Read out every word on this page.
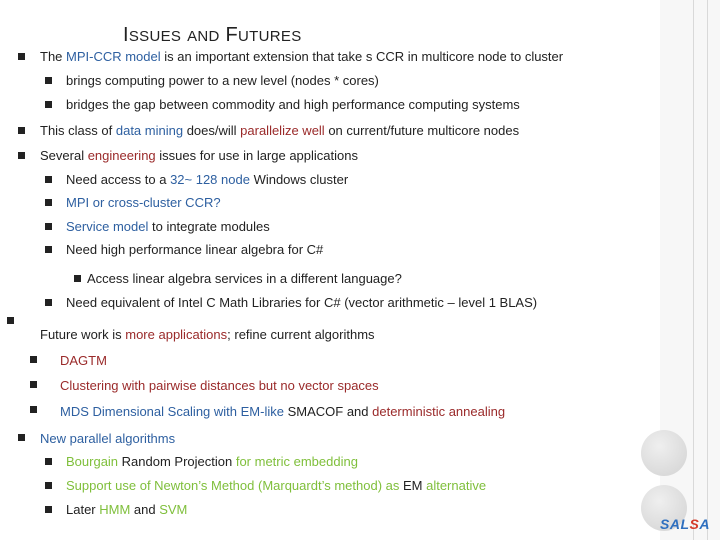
ISSUES AND FUTURES
The MPI-CCR model is an important extension that take s CCR in multicore node to cluster
brings computing power to a new level (nodes * cores)
bridges the gap between commodity and high performance computing systems
This class of data mining does/will parallelize well on current/future multicore nodes
Several engineering issues for use in large applications
Need access to a 32~ 128 node Windows cluster
MPI or cross-cluster CCR?
Service model to integrate modules
Need high performance linear algebra for C#
Access linear algebra services in a different language?
Need equivalent of Intel C Math Libraries for C# (vector arithmetic – level 1 BLAS)
Future work is more applications; refine current algorithms
DAGTM
Clustering with pairwise distances but no vector spaces
MDS Dimensional Scaling with EM-like SMACOF and deterministic annealing
New parallel algorithms
Bourgain Random Projection for metric embedding
Support use of Newton’s Method (Marquardt’s method) as EM alternative
Later HMM and SVM
SALSA
